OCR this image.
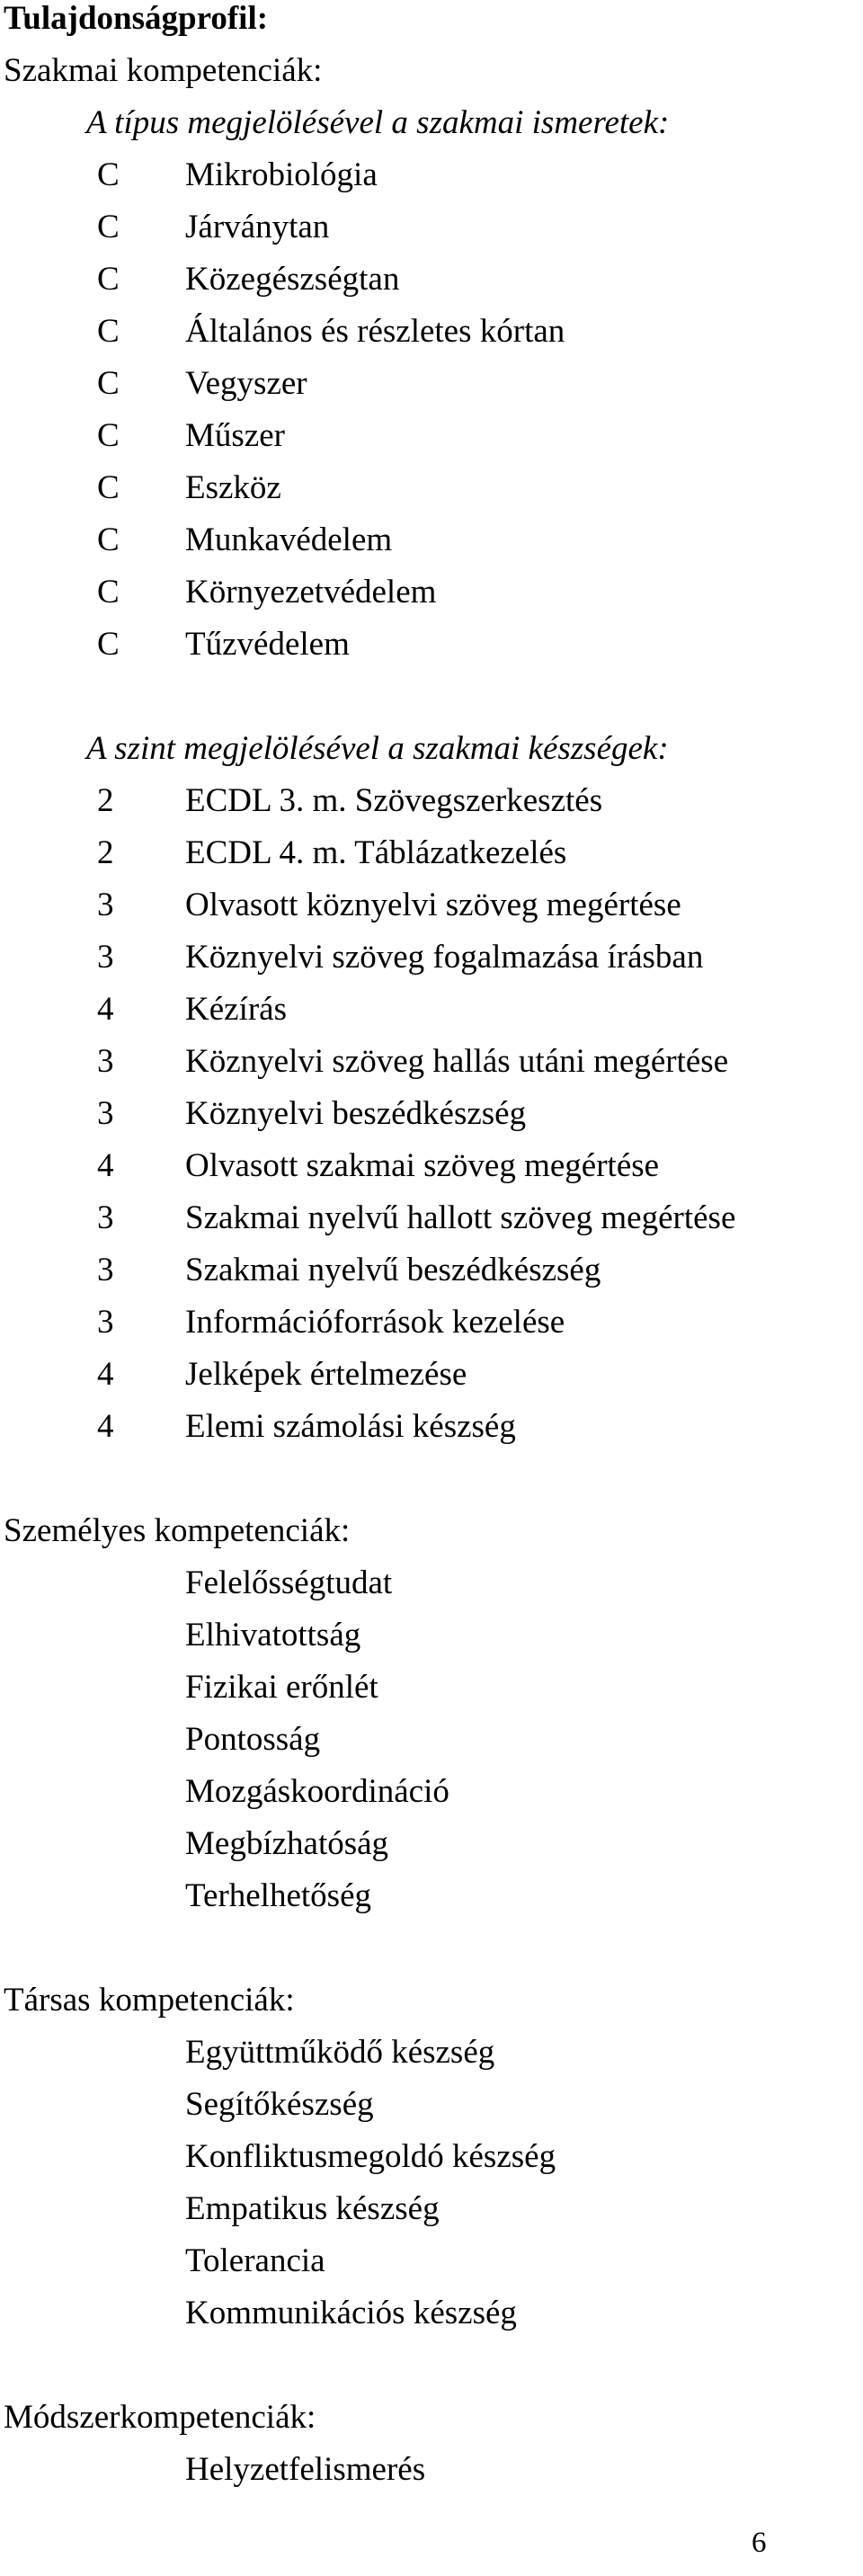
Tulajdonságprofil:
Szakmai kompetenciák:
A típus megjelölésével a szakmai ismeretek:
C	Mikrobiológia
C	Járványtan
C	Közegészségtan
C	Általános és részletes kórtan
C	Vegyszer
C	Műszer
C	Eszköz
C	Munkavédelem
C	Környezetvédelem
C	Tűzvédelem
A szint megjelölésével a szakmai készségek:
2	ECDL 3. m. Szövegszerkesztés
2	ECDL 4. m. Táblázatkezelés
3	Olvasott köznyelvi szöveg megértése
3	Köznyelvi szöveg fogalmazása írásban
4	Kézírás
3	Köznyelvi szöveg hallás utáni megértése
3	Köznyelvi beszédkészség
4	Olvasott szakmai szöveg megértése
3	Szakmai nyelvű hallott szöveg megértése
3	Szakmai nyelvű beszédkészség
3	Információforrások kezelése
4	Jelképek értelmezése
4	Elemi számolási készség
Személyes kompetenciák:
Felelősségtudat
Elhivatottság
Fizikai erőnlét
Pontosság
Mozgáskoordináció
Megbízhatóság
Terhelhetőség
Társas kompetenciák:
Együttműködő készség
Segítőkészség
Konfliktusmegoldó készség
Empatikus készség
Tolerancia
Kommunikációs készség
Módszerkompetenciák:
Helyzetfelismerés
6
